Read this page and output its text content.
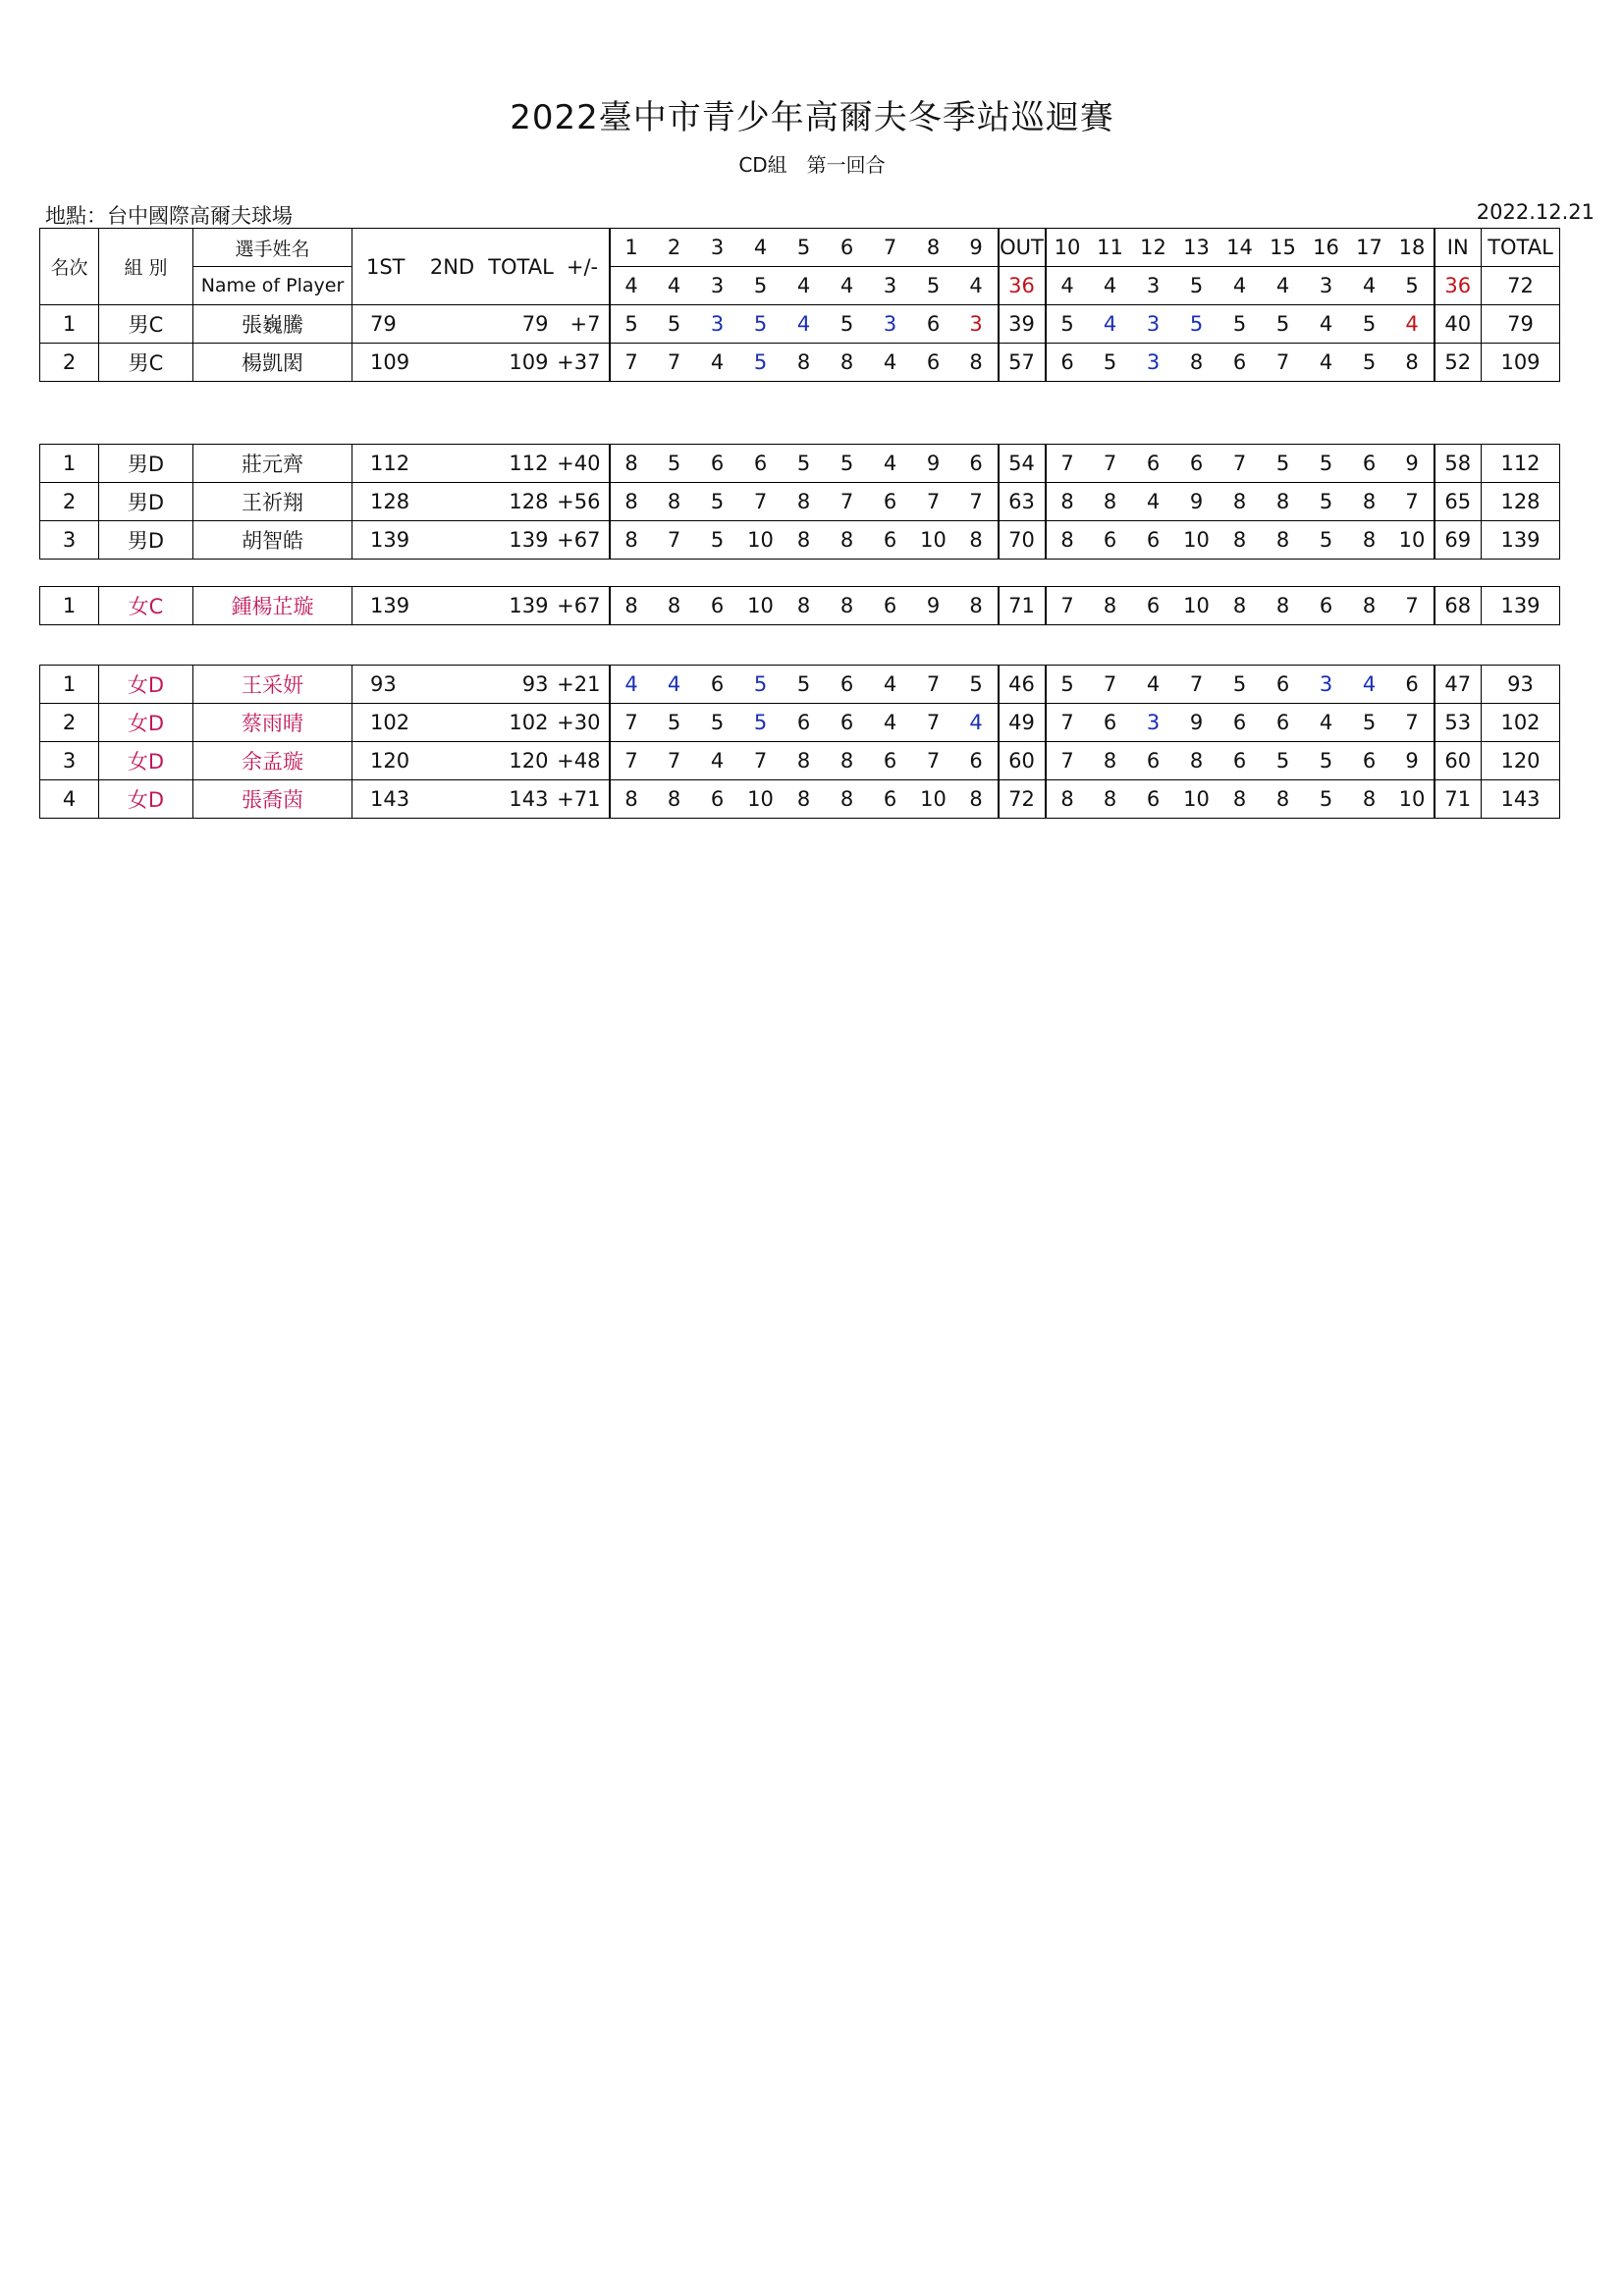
2022臺中市青少年高爾夫冬季站巡迴賽
CD組　第一回合
地點：台中國際高爾夫球場	2022.12.21
名次	組 別	選手姓名	1ST	2ND	TOTAL	+/-	1	2	3	4	5	6	7	8	9	OUT	10	11	12	13	14	15	16	17	18	IN	TOTAL
		Name of Player					4	4	3	5	4	4	3	5	4	36	4	4	3	5	4	4	3	4	5	36	72
1	男C	張巍騰	79		79	+7	5	5	3	5	4	5	3	6	3	39	5	4	3	5	5	5	4	5	4	40	79
2	男C	楊凱閎	109		109	+37	7	7	4	5	8	8	4	6	8	57	6	5	3	8	6	7	4	5	8	52	109
1	男D	莊元齊	112		112	+40	8	5	6	6	5	5	4	9	6	54	7	7	6	6	7	5	5	6	9	58	112
2	男D	王祈翔	128		128	+56	8	8	5	7	8	7	6	7	7	63	8	8	4	9	8	8	5	8	7	65	128
3	男D	胡智皓	139		139	+67	8	7	5	10	8	8	6	10	8	70	8	6	6	10	8	8	5	8	10	69	139
1	女C	鍾楊芷璇	139		139	+67	8	8	6	10	8	8	6	9	8	71	7	8	6	10	8	8	6	8	7	68	139
1	女D	王采妍	93		93	+21	4	4	6	5	5	6	4	7	5	46	5	7	4	7	5	6	3	4	6	47	93
2	女D	蔡雨晴	102		102	+30	7	5	5	5	6	6	4	7	4	49	7	6	3	9	6	6	4	5	7	53	102
3	女D	余孟璇	120		120	+48	7	7	4	7	8	8	6	7	6	60	7	8	6	8	6	5	5	6	9	60	120
4	女D	張喬茵	143		143	+71	8	8	6	10	8	8	6	10	8	72	8	8	6	10	8	8	5	8	10	71	143
